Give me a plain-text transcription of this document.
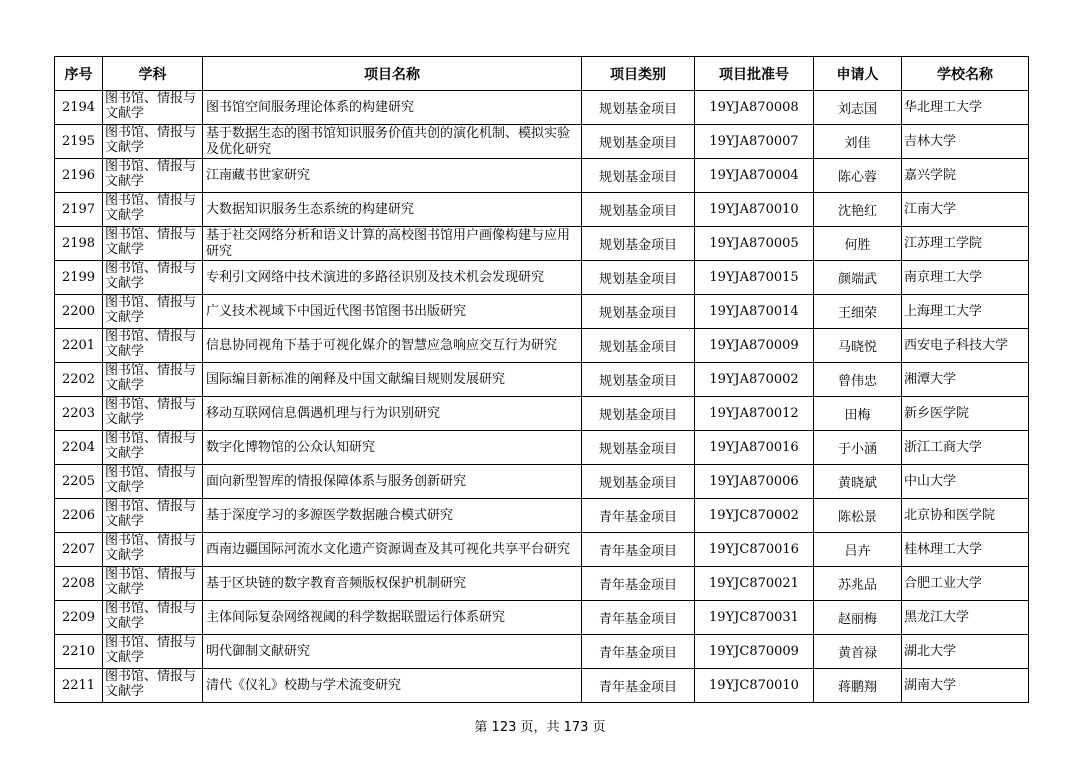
序号	学科	项目名称	项目类别	项目批准号	申请人	学校名称
2194	图书馆、情报与文献学	图书馆空间服务理论体系的构建研究	规划基金项目	19YJA870008	刘志国	华北理工大学

2195	图书馆、情报与文献学	基于数据生态的图书馆知识服务价值共创的演化机制、模拟实验及优化研究	规划基金项目	19YJA870007	刘佳	吉林大学

2196	图书馆、情报与文献学	江南藏书世家研究	规划基金项目	19YJA870004	陈心蓉	嘉兴学院

2197	图书馆、情报与文献学	大数据知识服务生态系统的构建研究	规划基金项目	19YJA870010	沈艳红	江南大学

2198	图书馆、情报与文献学	基于社交网络分析和语义计算的高校图书馆用户画像构建与应用研究	规划基金项目	19YJA870005	何胜	江苏理工学院

2199	图书馆、情报与文献学	专利引文网络中技术演进的多路径识别及技术机会发现研究	规划基金项目	19YJA870015	颜端武	南京理工大学

2200	图书馆、情报与文献学	广义技术视域下中国近代图书馆图书出版研究	规划基金项目	19YJA870014	王细荣	上海理工大学

2201	图书馆、情报与文献学	信息协同视角下基于可视化媒介的智慧应急响应交互行为研究	规划基金项目	19YJA870009	马晓悦	西安电子科技大学

2202	图书馆、情报与文献学	国际编目新标准的阐释及中国文献编目规则发展研究	规划基金项目	19YJA870002	曾伟忠	湘潭大学

2203	图书馆、情报与文献学	移动互联网信息偶遇机理与行为识别研究	规划基金项目	19YJA870012	田梅	新乡医学院

2204	图书馆、情报与文献学	数字化博物馆的公众认知研究	规划基金项目	19YJA870016	于小涵	浙江工商大学

2205	图书馆、情报与文献学	面向新型智库的情报保障体系与服务创新研究	规划基金项目	19YJA870006	黄晓斌	中山大学

2206	图书馆、情报与文献学	基于深度学习的多源医学数据融合模式研究	青年基金项目	19YJC870002	陈松景	北京协和医学院

2207	图书馆、情报与文献学	西南边疆国际河流水文化遗产资源调查及其可视化共享平台研究	青年基金项目	19YJC870016	吕卉	桂林理工大学

2208	图书馆、情报与文献学	基于区块链的数字教育音频版权保护机制研究	青年基金项目	19YJC870021	苏兆品	合肥工业大学

2209	图书馆、情报与文献学	主体间际复杂网络视阈的科学数据联盟运行体系研究	青年基金项目	19YJC870031	赵丽梅	黑龙江大学

2210	图书馆、情报与文献学	明代御制文献研究	青年基金项目	19YJC870009	黄首禄	湖北大学

2211	图书馆、情报与文献学	清代《仪礼》校勘与学术流变研究	青年基金项目	19YJC870010	蒋鹏翔	湖南大学
第 123 页，共 173 页
